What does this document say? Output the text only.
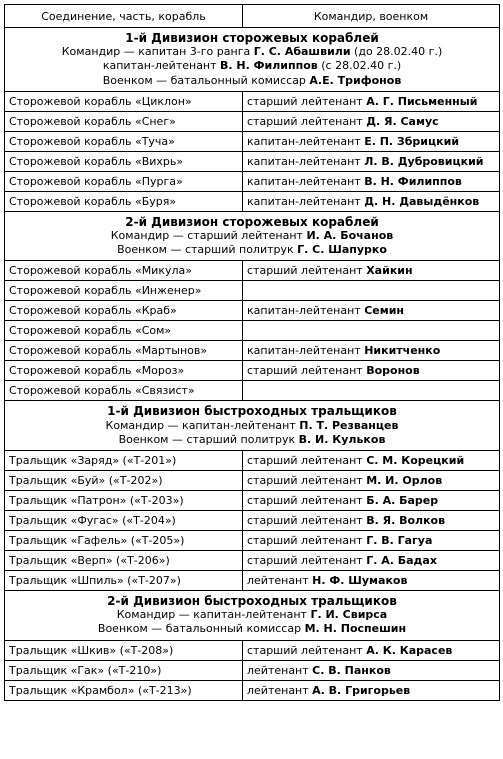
Соединение, часть, корабль	Командир, военком

1-й Дивизион сторожевых кораблей
Командир — капитан 3-го ранга Г. С. Абашвили (до 28.02.40 г.)
капитан-лейтенант В. Н. Филиппов (с 28.02.40 г.)
Военком — батальонный комиссар А.Е. Трифонов	

Сторожевой корабль «Циклон»	старший лейтенант А. Г. Письменный
Сторожевой корабль «Снег»	старший лейтенант Д. Я. Самус
Сторожевой корабль «Туча»	капитан-лейтенант Е. П. Збрицкий
Сторожевой корабль «Вихрь»	капитан-лейтенант Л. В. Дубровицкий
Сторожевой корабль «Пурга»	капитан-лейтенант В. Н. Филиппов
Сторожевой корабль «Буря»	капитан-лейтенант Д. Н. Давыдёнков

2-й Дивизион сторожевых кораблей
Командир — старший лейтенант И. А. Бочанов
Военком — старший политрук Г. С. Шапурко	

Сторожевой корабль «Микула»	старший лейтенант Хайкин
Сторожевой корабль «Инженер»	
Сторожевой корабль «Краб»	капитан-лейтенант Семин
Сторожевой корабль «Сом»	
Сторожевой корабль «Мартынов»	капитан-лейтенант Никитченко
Сторожевой корабль «Мороз»	старший лейтенант Воронов
Сторожевой корабль «Связист»	

1-й Дивизион быстроходных тральщиков
Командир — капитан-лейтенант П. Т. Резванцев
Военком — старший политрук В. И. Кульков	

Тральщик «Заряд» («Т-201»)	старший лейтенант С. М. Корецкий
Тральщик «Буй» («Т-202»)	старший лейтенант М. И. Орлов
Тральщик «Патрон» («Т-203»)	старший лейтенант Б. А. Барер
Тральщик «Фугас» («Т-204»)	старший лейтенант В. Я. Волков
Тральщик «Гафель» («Т-205»)	старший лейтенант Г. В. Гагуа
Тральщик «Верп» («Т-206»)	старший лейтенант Г. А. Бадах
Тральщик «Шпиль» («Т-207»)	лейтенант Н. Ф. Шумаков

2-й Дивизион быстроходных тральщиков
Командир — капитан-лейтенант Г. И. Свирса
Военком — батальонный комиссар М. Н. Поспешин	

Тральщик «Шкив» («Т-208»)	старший лейтенант А. К. Карасев
Тральщик «Гак» («Т-210»)	лейтенант С. В. Панков
Тральщик «Крамбол» («Т-213»)	лейтенант А. В. Григорьев
